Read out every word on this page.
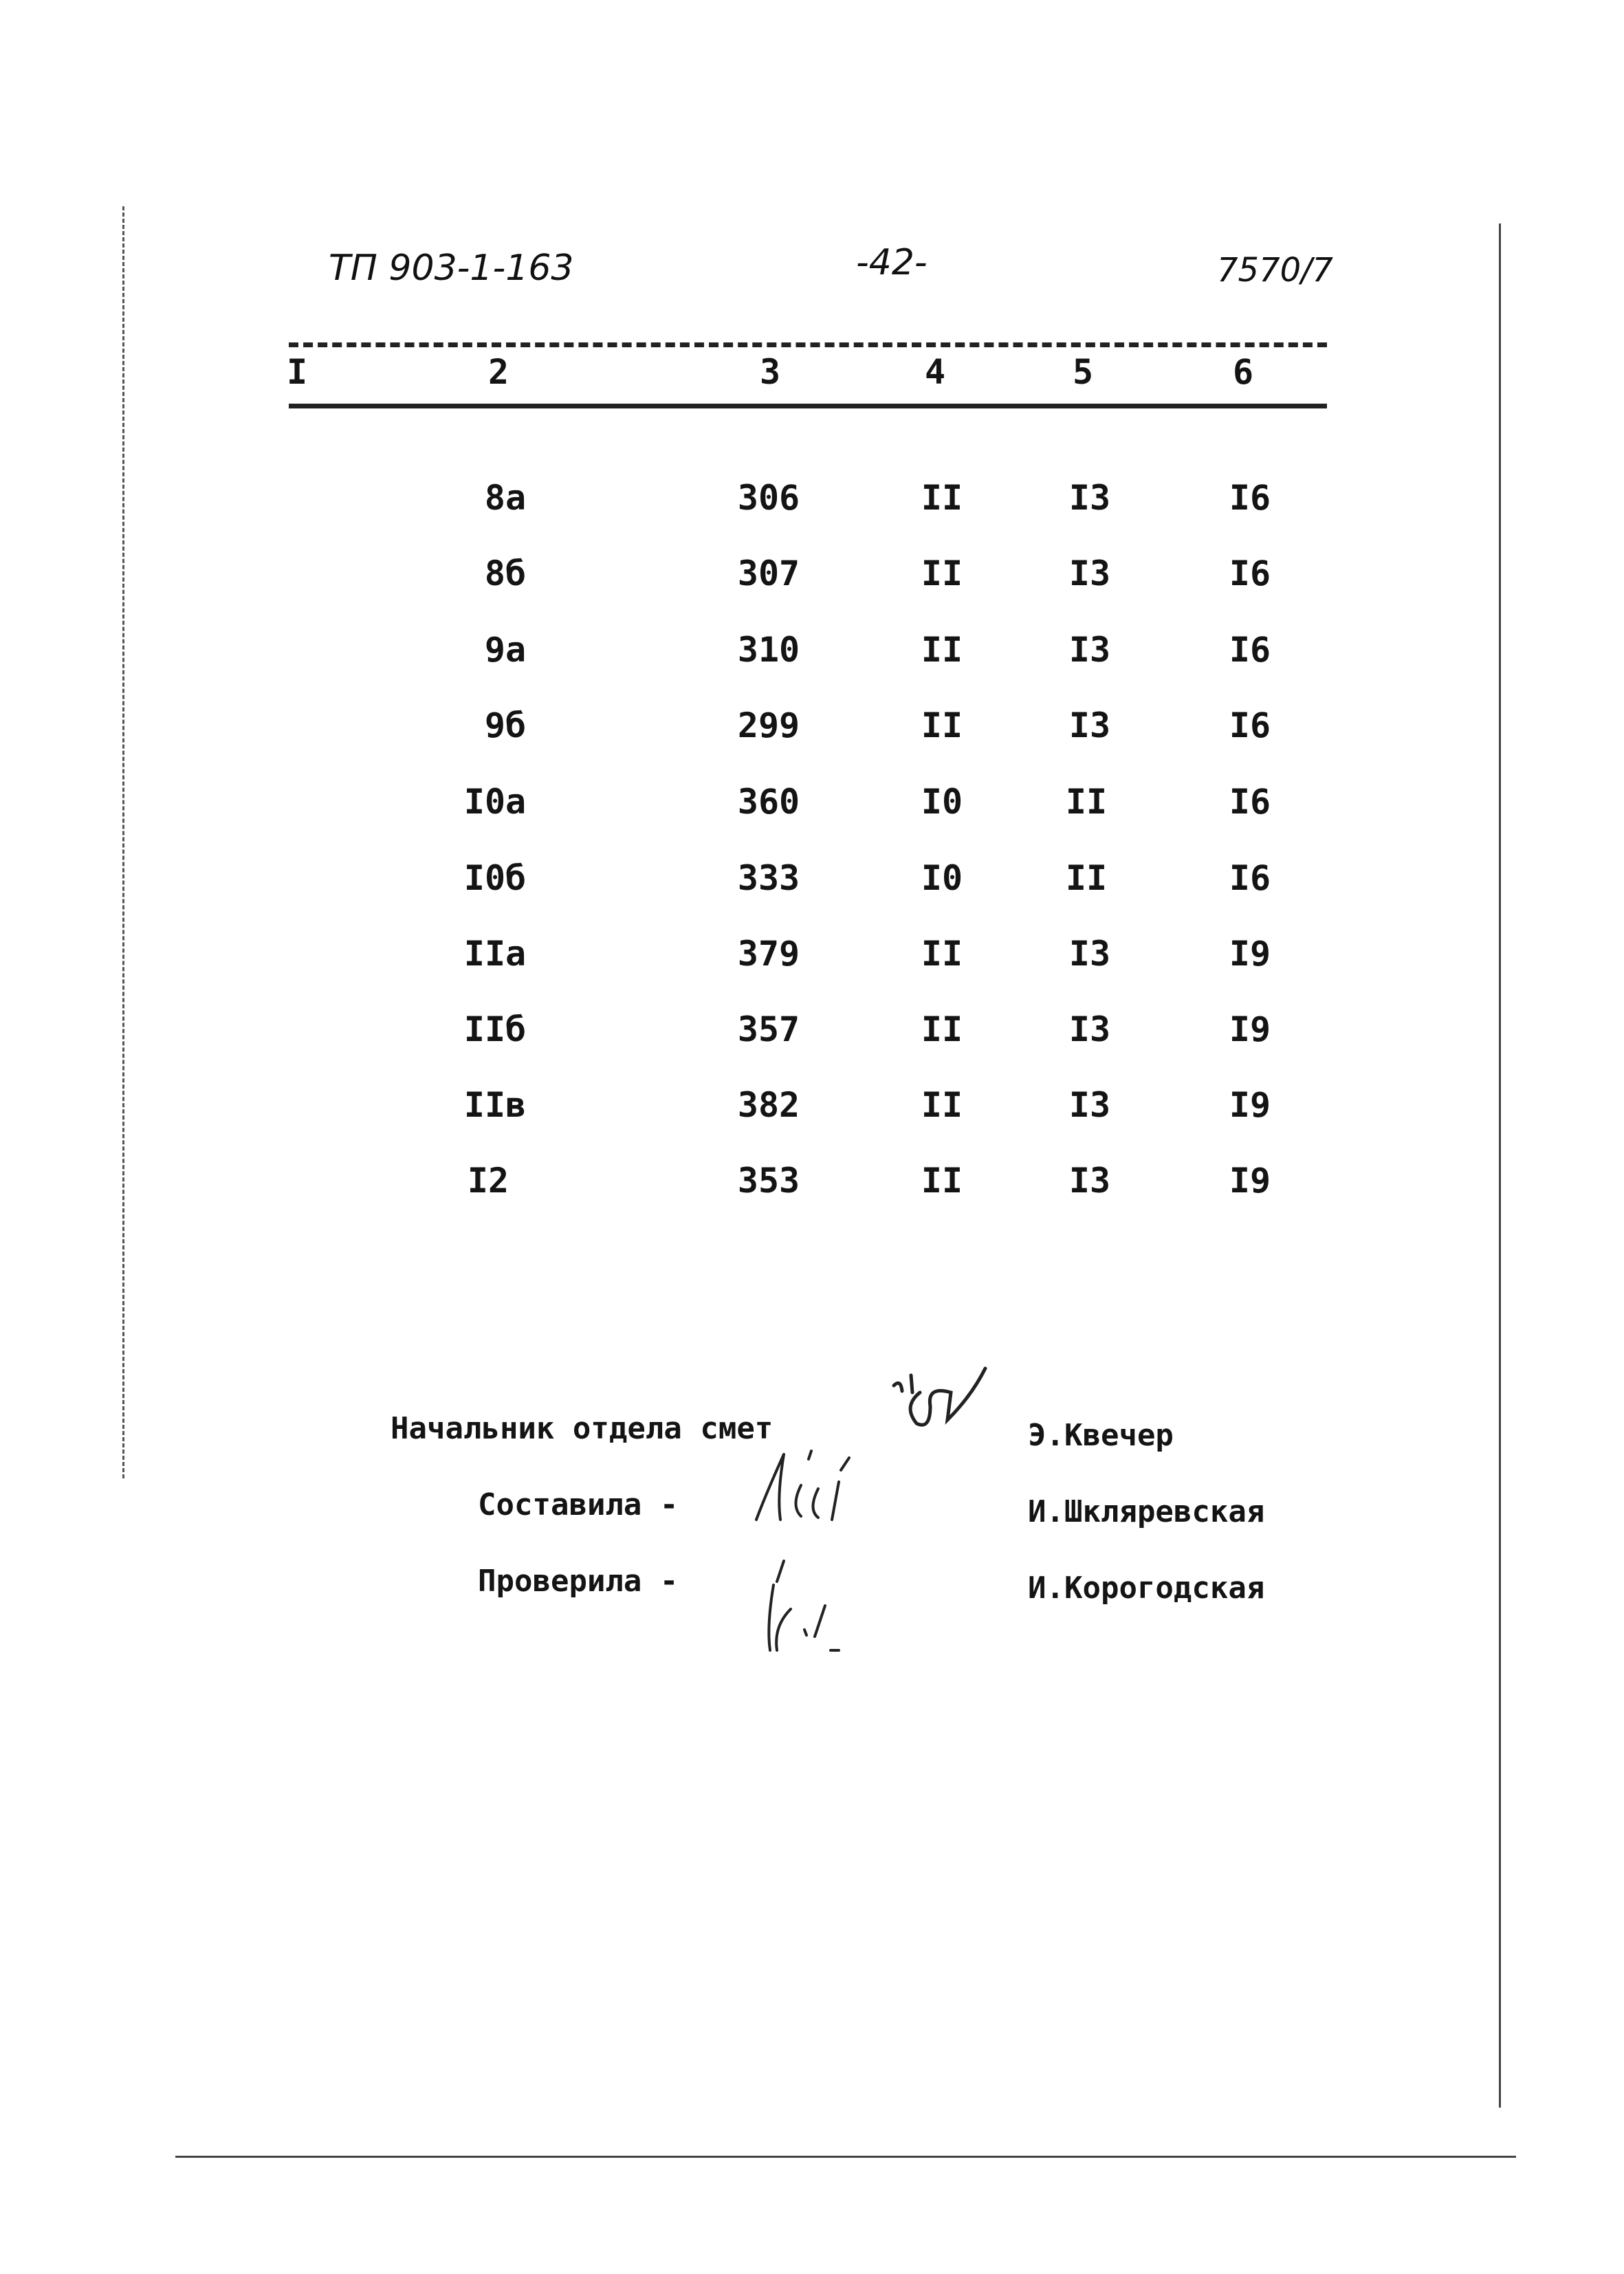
ТП 903-1-163	-42-	7570/7
I	2	3	4	5	6
8а	306	II	I3	I6
8б	307	II	I3	I6
9а	310	II	I3	I6
9б	299	II	I3	I6
I0а	360	I0	II	I6
I0б	333	I0	II	I6
IIа	379	II	I3	I9
IIб	357	II	I3	I9
IIв	382	II	I3	I9
I2	353	II	I3	I9
Начальник отдела смет
Составила -
Проверила -
Э.Квечер
И.Шкляревская
И.Корогодская
